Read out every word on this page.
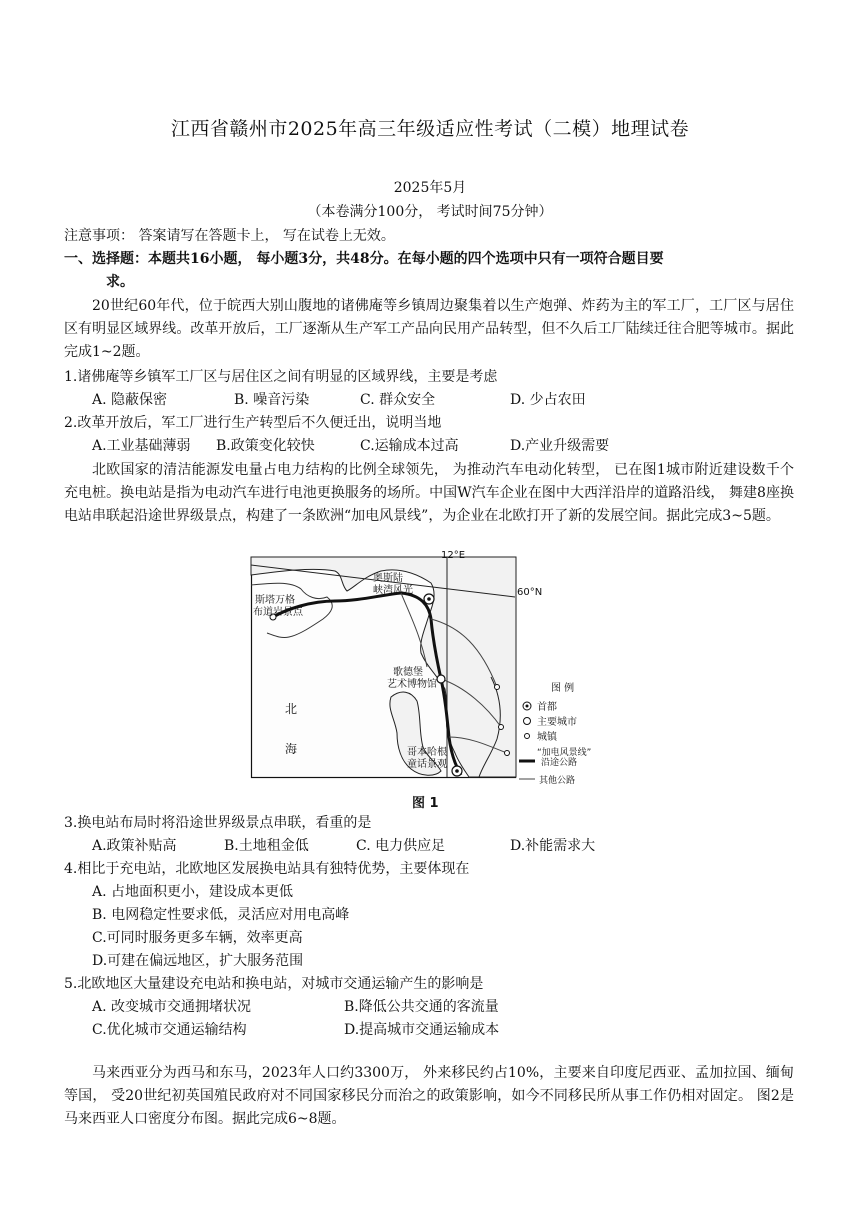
江西省赣州市2025年高三年级适应性考试（二模）地理试卷
2025年5月
（本卷满分100分， 考试时间75分钟）
注意事项： 答案请写在答题卡上， 写在试卷上无效。
一、选择题：本题共16小题， 每小题3分，共48分。在每小题的四个选项中只有一项符合题目要
求。
20世纪60年代，位于皖西大别山腹地的诸佛庵等乡镇周边聚集着以生产炮弹、炸药为主的军工厂，工厂区与居住区有明显区域界线。改革开放后，工厂逐渐从生产军工产品向民用产品转型，但不久后工厂陆续迁往合肥等城市。据此完成1~2题。
1.诸佛庵等乡镇军工厂区与居住区之间有明显的区域界线，主要是考虑
A. 隐蔽保密	B. 噪音污染	C. 群众安全	D. 少占农田
2.改革开放后，军工厂进行生产转型后不久便迁出，说明当地
A.工业基础薄弱 B.政策变化较快	C.运输成本过高	D.产业升级需要
北欧国家的清洁能源发电量占电力结构的比例全球领先， 为推动汽车电动化转型， 已在图1城市附近建设数千个充电桩。换电站是指为电动汽车进行电池更换服务的场所。中国W汽车企业在图中大西洋沿岸的道路沿线， 舞建8座换电站串联起沿途世界级景点，构建了一条欧洲“加电风景线”，为企业在北欧打开了新的发展空间。据此完成3~5题。
奥斯陆
峡湾风光
斯塔万格
布道岩景点
歌德堡
艺术博物馆
哥本哈根
童话景观
北
海
60°N
图 例
首都
主要城市
城镇
“加电风景线”
沿途公路
其他公路
12°E
图 1
3.换电站布局时将沿途世界级景点串联，看重的是
A.政策补贴高	B.土地租金低	C. 电力供应足	D.补能需求大
4.相比于充电站，北欧地区发展换电站具有独特优势，主要体现在
A. 占地面积更小，建设成本更低
B. 电网稳定性要求低，灵活应对用电高峰
C.可同时服务更多车辆，效率更高
D.可建在偏远地区，扩大服务范围
5.北欧地区大量建设充电站和换电站，对城市交通运输产生的影响是
A. 改变城市交通拥堵状况	B.降低公共交通的客流量
C.优化城市交通运输结构	D.提高城市交通运输成本
马来西亚分为西马和东马，2023年人口约3300万， 外来移民约占10%，主要来自印度尼西亚、孟加拉国、缅甸等国， 受20世纪初英国殖民政府对不同国家移民分而治之的政策影响，如今不同移民所从事工作仍相对固定。 图2是马来西亚人口密度分布图。据此完成6~8题。
